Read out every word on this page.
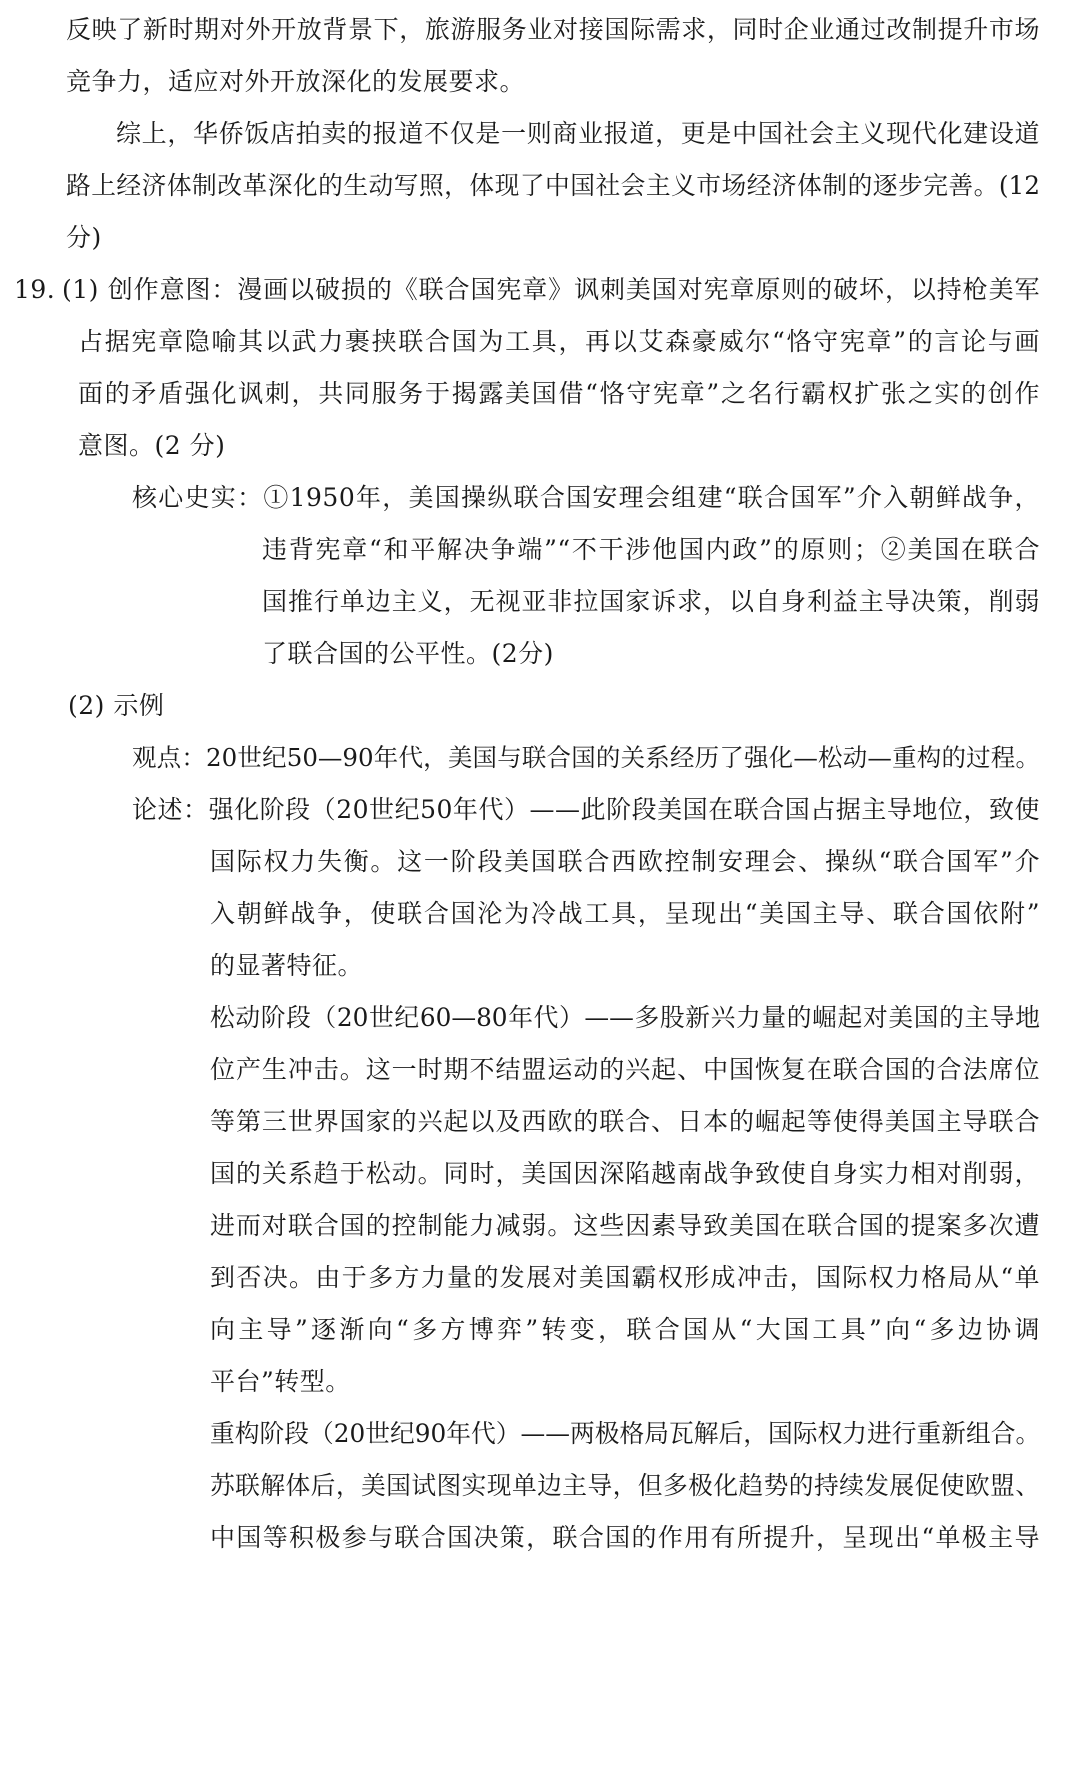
反映了新时期对外开放背景下，旅游服务业对接国际需求，同时企业通过改制提升市场
竞争力，适应对外开放深化的发展要求。
综上，华侨饭店拍卖的报道不仅是一则商业报道，更是中国社会主义现代化建设道
路上经济体制改革深化的生动写照，体现了中国社会主义市场经济体制的逐步完善。(12
分)
19. (1) 创作意图：漫画以破损的《联合国宪章》讽刺美国对宪章原则的破坏，以持枪美军
占据宪章隐喻其以武力裹挟联合国为工具，再以艾森豪威尔“恪守宪章”的言论与画
面的矛盾强化讽刺，共同服务于揭露美国借“恪守宪章”之名行霸权扩张之实的创作
意图。(2 分)
核心史实：①1950年，美国操纵联合国安理会组建“联合国军”介入朝鲜战争，
违背宪章“和平解决争端”“不干涉他国内政”的原则；②美国在联合
国推行单边主义，无视亚非拉国家诉求，以自身利益主导决策，削弱
了联合国的公平性。(2分)
(2) 示例
观点：20世纪50—90年代，美国与联合国的关系经历了强化—松动—重构的过程。
论述：强化阶段（20世纪50年代）——此阶段美国在联合国占据主导地位，致使
国际权力失衡。这一阶段美国联合西欧控制安理会、操纵“联合国军”介
入朝鲜战争，使联合国沦为冷战工具，呈现出“美国主导、联合国依附”
的显著特征。
松动阶段（20世纪60—80年代）——多股新兴力量的崛起对美国的主导地
位产生冲击。这一时期不结盟运动的兴起、中国恢复在联合国的合法席位
等第三世界国家的兴起以及西欧的联合、日本的崛起等使得美国主导联合
国的关系趋于松动。同时，美国因深陷越南战争致使自身实力相对削弱，
进而对联合国的控制能力减弱。这些因素导致美国在联合国的提案多次遭
到否决。由于多方力量的发展对美国霸权形成冲击，国际权力格局从“单
向主导”逐渐向“多方博弈”转变，联合国从“大国工具”向“多边协调
平台”转型。
重构阶段（20世纪90年代）——两极格局瓦解后，国际权力进行重新组合。
苏联解体后，美国试图实现单边主导，但多极化趋势的持续发展促使欧盟、
中国等积极参与联合国决策，联合国的作用有所提升，呈现出“单极主导
